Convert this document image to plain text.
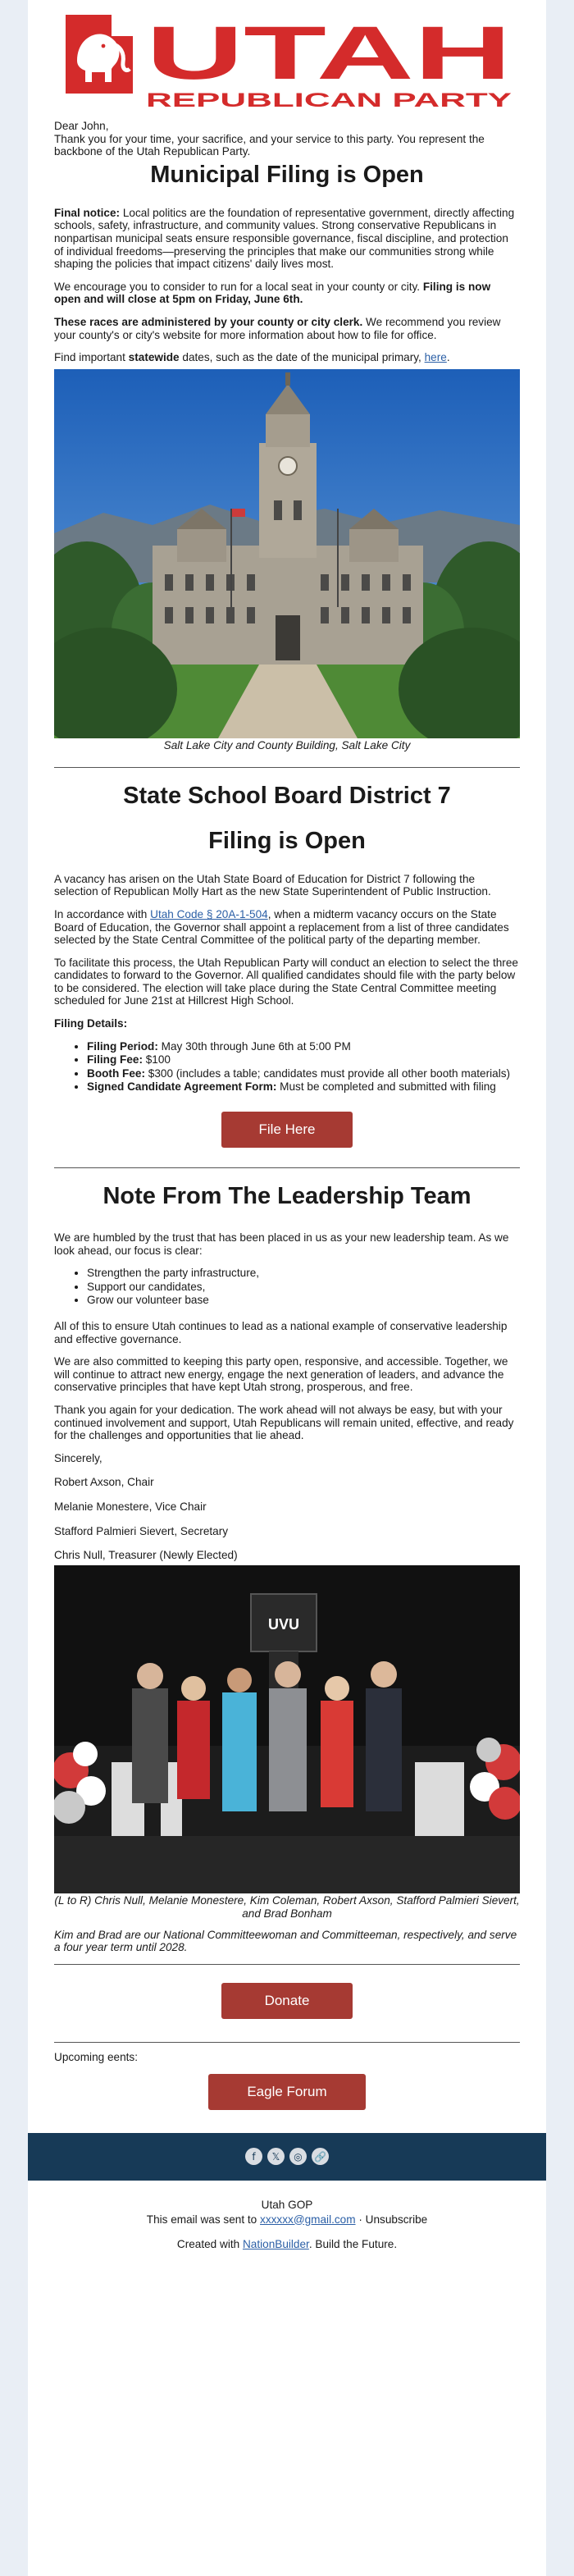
UTAH
REPUBLICAN PARTY

Dear John,

Thank you for your time, your sacrifice, and your service to this party. You represent the backbone of the Utah Republican Party.

Municipal Filing is Open

Final notice: Local politics are the foundation of representative government, directly affecting schools, safety, infrastructure, and community values. Strong conservative Republicans in nonpartisan municipal seats ensure responsible governance, fiscal discipline, and protection of individual freedoms—preserving the principles that make our communities strong while shaping the policies that impact citizens' daily lives most.

We encourage you to consider to run for a local seat in your county or city. Filing is now open and will close at 5pm on Friday, June 6th.

These races are administered by your county or city clerk. We recommend you review your county's or city's website for more information about how to file for office.

Find important statewide dates, such as the date of the municipal primary, here.

Salt Lake City and County Building, Salt Lake City
State School Board District 7
Filing is Open

A vacancy has arisen on the Utah State Board of Education for District 7 following the selection of Republican Molly Hart as the new State Superintendent of Public Instruction.

In accordance with Utah Code § 20A-1-504, when a midterm vacancy occurs on the State Board of Education, the Governor shall appoint a replacement from a list of three candidates selected by the State Central Committee of the political party of the departing member.

To facilitate this process, the Utah Republican Party will conduct an election to select the three candidates to forward to the Governor. All qualified candidates should file with the party below to be considered. The election will take place during the State Central Committee meeting scheduled for June 21st at Hillcrest High School.

Filing Details:

• Filing Period: May 30th through June 6th at 5:00 PM
• Filing Fee: $100
• Booth Fee: $300 (includes a table; candidates must provide all other booth materials)
• Signed Candidate Agreement Form: Must be completed and submitted with filing
File Here
Note From The Leadership Team

We are humbled by the trust that has been placed in us as your new leadership team. As we look ahead, our focus is clear:

• Strengthen the party infrastructure,
• Support our candidates,
• Grow our volunteer base

All of this to ensure Utah continues to lead as a national example of conservative leadership and effective governance.

We are also committed to keeping this party open, responsive, and accessible. Together, we will continue to attract new energy, engage the next generation of leaders, and advance the conservative principles that have kept Utah strong, prosperous, and free.

Thank you again for your dedication. The work ahead will not always be easy, but with your continued involvement and support, Utah Republicans will remain united, effective, and ready for the challenges and opportunities that lie ahead.

Sincerely,

Robert Axson, Chair

Melanie Monestere, Vice Chair

Stafford Palmieri Sievert, Secretary

Chris Null, Treasurer (Newly Elected)

UVU
(L to R) Chris Null, Melanie Monestere, Kim Coleman, Robert Axson, Stafford Palmieri Sievert, and Brad Bonham

Kim and Brad are our National Committeewoman and Committeeman, respectively, and serve a four year term until 2028.

Donate

Upcoming eents:

Eagle Forum
f	𝕏	◎	🔗
Utah GOP
This email was sent to xxxxxx@gmail.com · Unsubscribe
Created with NationBuilder. Build the Future.
